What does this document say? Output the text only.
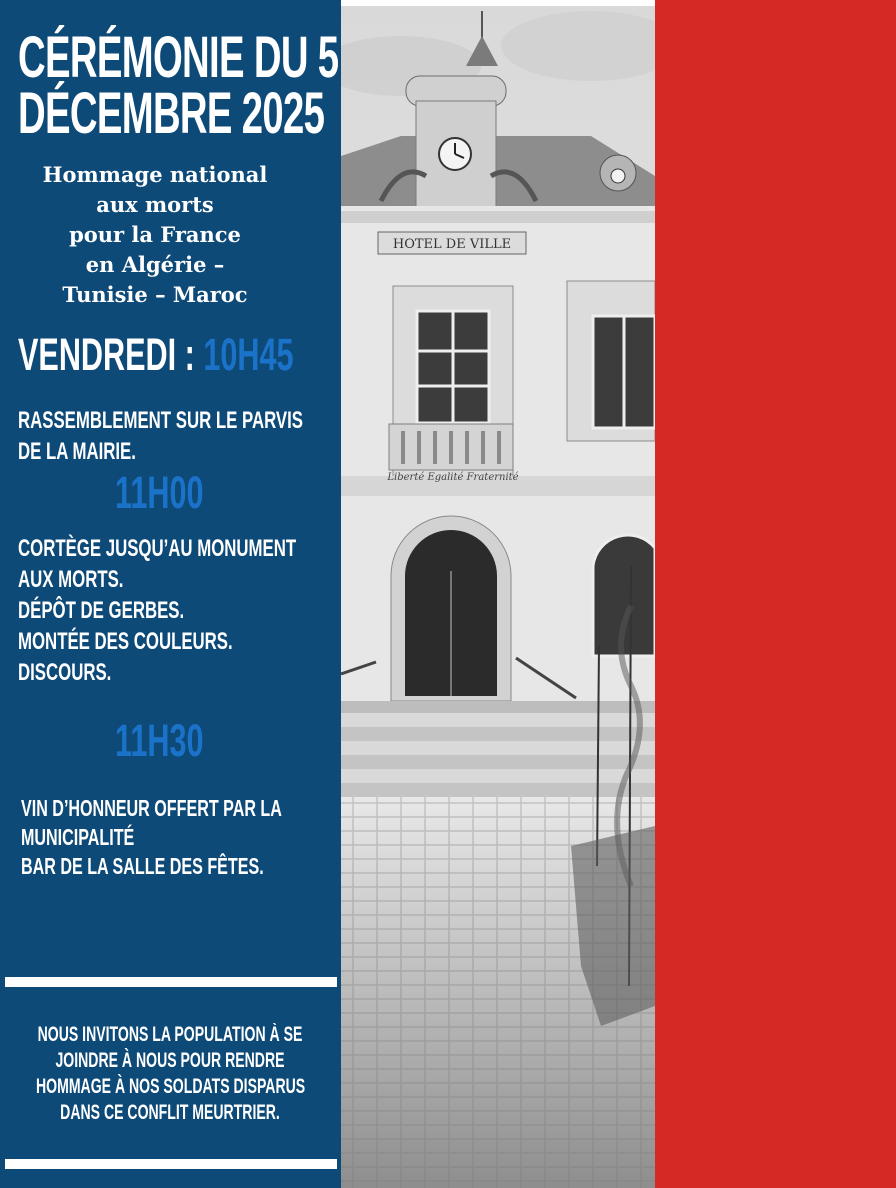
HOTEL DE VILLE
Liberté Egalité Fraternité
CÉRÉMONIE DU 5
DÉCEMBRE 2025
Hommage national
aux morts
pour la France
en Algérie –
Tunisie – Maroc
VENDREDI : 10H45
RASSEMBLEMENT SUR LE PARVIS
DE LA MAIRIE.
11H00
CORTÈGE JUSQU’AU MONUMENT
AUX MORTS.
DÉPÔT DE GERBES.
MONTÉE DES COULEURS.
DISCOURS.
11H30
VIN D’HONNEUR OFFERT PAR LA
MUNICIPALITÉ
BAR DE LA SALLE DES FÊTES.
NOUS INVITONS LA POPULATION À SE
JOINDRE À NOUS POUR RENDRE
HOMMAGE À NOS SOLDATS DISPARUS
DANS CE CONFLIT MEURTRIER.
